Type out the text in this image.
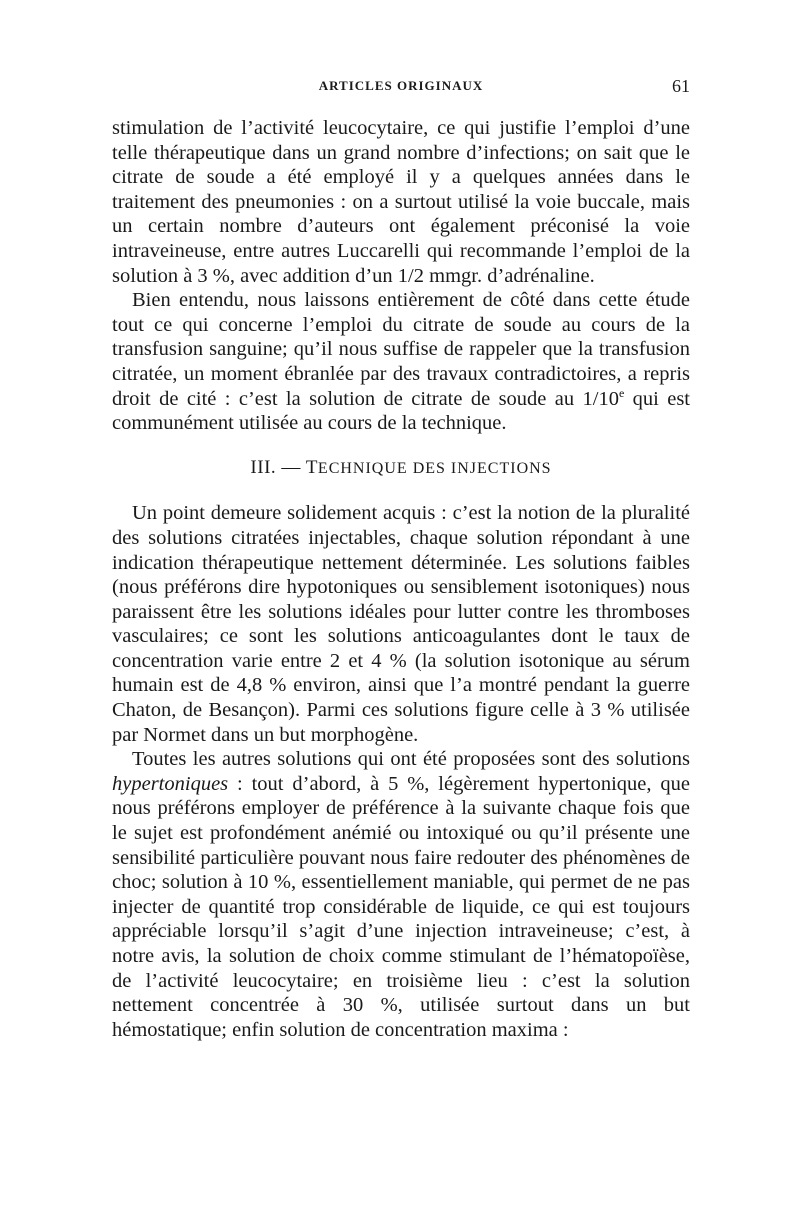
ARTICLES ORIGINAUX	61

stimulation de l’activité leucocytaire, ce qui justifie l’emploi d’une telle thérapeutique dans un grand nombre d’infections; on sait que le citrate de soude a été employé il y a quelques années dans le traitement des pneumonies : on a surtout utilisé la voie buccale, mais un certain nombre d’auteurs ont également préconisé la voie intraveineuse, entre autres Luccarelli qui recommande l’emploi de la solution à 3 %, avec addition d’un 1/2 mmgr. d’adrénaline.

Bien entendu, nous laissons entièrement de côté dans cette étude tout ce qui concerne l’emploi du citrate de soude au cours de la transfusion sanguine; qu’il nous suffise de rappeler que la transfusion citratée, un moment ébranlée par des travaux contradictoires, a repris droit de cité : c’est la solution de citrate de soude au 1/10e qui est communément utilisée au cours de la technique.

III. — TECHNIQUE DES INJECTIONS

Un point demeure solidement acquis : c’est la notion de la pluralité des solutions citratées injectables, chaque solution répondant à une indication thérapeutique nettement déterminée. Les solutions faibles (nous préférons dire hypotoniques ou sensiblement isotoniques) nous paraissent être les solutions idéales pour lutter contre les thromboses vasculaires; ce sont les solutions anticoagulantes dont le taux de concentration varie entre 2 et 4 % (la solution isotonique au sérum humain est de 4,8 % environ, ainsi que l’a montré pendant la guerre Chaton, de Besançon). Parmi ces solutions figure celle à 3 % utilisée par Normet dans un but morphogène.

Toutes les autres solutions qui ont été proposées sont des solutions hypertoniques : tout d’abord, à 5 %, légèrement hypertonique, que nous préférons employer de préférence à la suivante chaque fois que le sujet est profondément anémié ou intoxiqué ou qu’il présente une sensibilité particulière pouvant nous faire redouter des phénomènes de choc; solution à 10 %, essentiellement maniable, qui permet de ne pas injecter de quantité trop considérable de liquide, ce qui est toujours appréciable lorsqu’il s’agit d’une injection intraveineuse; c’est, à notre avis, la solution de choix comme stimulant de l’hématopoïèse, de l’activité leucocytaire; en troisième lieu : c’est la solution nettement concentrée à 30 %, utilisée surtout dans un but hémostatique; enfin solution de concentration maxima :
